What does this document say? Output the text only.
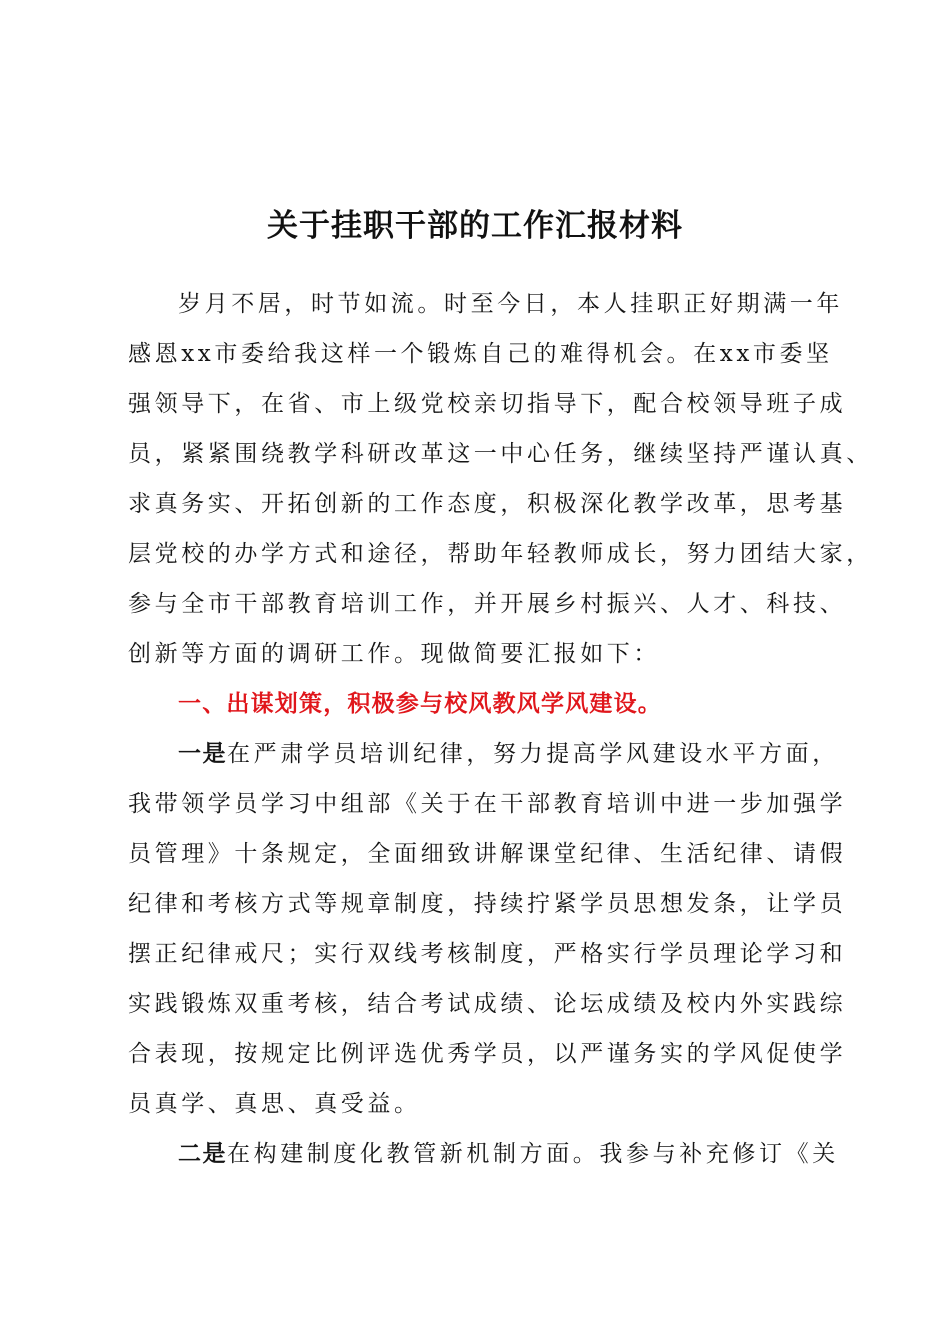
关于挂职干部的工作汇报材料
岁月不居，时节如流。时至今日，本人挂职正好期满一年
感恩xx市委给我这样一个锻炼自己的难得机会。在xx市委坚
强领导下，在省、市上级党校亲切指导下，配合校领导班子成
员，紧紧围绕教学科研改革这一中心任务，继续坚持严谨认真、
求真务实、开拓创新的工作态度，积极深化教学改革，思考基
层党校的办学方式和途径，帮助年轻教师成长，努力团结大家，
参与全市干部教育培训工作，并开展乡村振兴、人才、科技、
创新等方面的调研工作。现做简要汇报如下：
一、出谋划策，积极参与校风教风学风建设。
一是在严肃学员培训纪律，努力提高学风建设水平方面，
我带领学员学习中组部《关于在干部教育培训中进一步加强学
员管理》十条规定，全面细致讲解课堂纪律、生活纪律、请假
纪律和考核方式等规章制度，持续拧紧学员思想发条，让学员
摆正纪律戒尺；实行双线考核制度，严格实行学员理论学习和
实践锻炼双重考核，结合考试成绩、论坛成绩及校内外实践综
合表现，按规定比例评选优秀学员，以严谨务实的学风促使学
员真学、真思、真受益。
二是在构建制度化教管新机制方面。我参与补充修订《关
